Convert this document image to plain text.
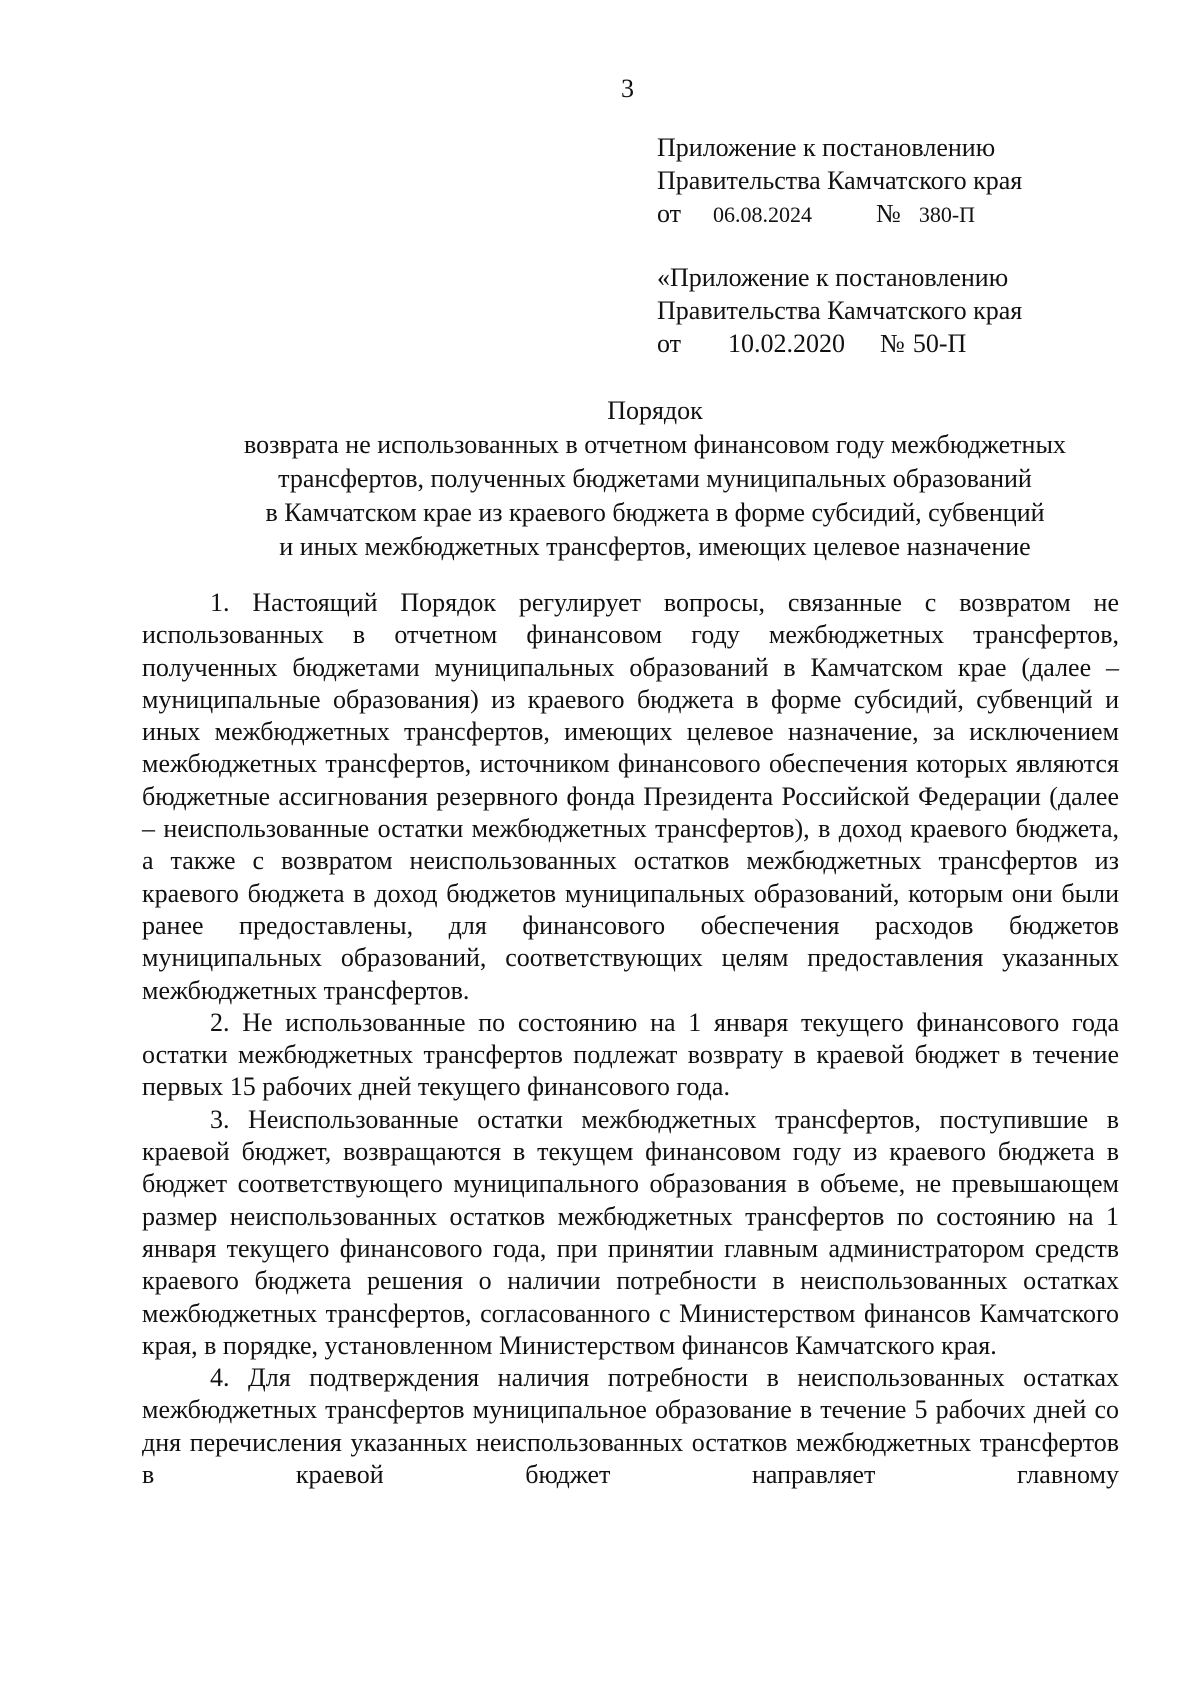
3
Приложение к постановлению
Правительства Камчатского края
от 06.08.2024 № 380-П
«Приложение к постановлению
Правительства Камчатского края
от 10.02.2020 № 50-П
Порядок
возврата не использованных в отчетном финансовом году межбюджетных
трансфертов, полученных бюджетами муниципальных образований
в Камчатском крае из краевого бюджета в форме субсидий, субвенций
и иных межбюджетных трансфертов, имеющих целевое назначение

1. Настоящий Порядок регулирует вопросы, связанные с возвратом не использованных в отчетном финансовом году межбюджетных трансфертов, полученных бюджетами муниципальных образований в Камчатском крае (далее – муниципальные образования) из краевого бюджета в форме субсидий, субвенций и иных межбюджетных трансфертов, имеющих целевое назначение, за исключением межбюджетных трансфертов, источником финансового обеспечения которых являются бюджетные ассигнования резервного фонда Президента Российской Федерации (далее – неиспользованные остатки межбюджетных трансфертов), в доход краевого бюджета, а также с возвратом неиспользованных остатков межбюджетных трансфертов из краевого бюджета в доход бюджетов муниципальных образований, которым они были ранее предоставлены, для финансового обеспечения расходов бюджетов муниципальных образований, соответствующих целям предоставления указанных межбюджетных трансфертов.

2. Не использованные по состоянию на 1 января текущего финансового года остатки межбюджетных трансфертов подлежат возврату в краевой бюджет в течение первых 15 рабочих дней текущего финансового года.

3. Неиспользованные остатки межбюджетных трансфертов, поступившие в краевой бюджет, возвращаются в текущем финансовом году из краевого бюджета в бюджет соответствующего муниципального образования в объеме, не превышающем размер неиспользованных остатков межбюджетных трансфертов по состоянию на 1 января текущего финансового года, при принятии главным администратором средств краевого бюджета решения о наличии потребности в неиспользованных остатках межбюджетных трансфертов, согласованного с Министерством финансов Камчатского края, в порядке, установленном Министерством финансов Камчатского края.

4. Для подтверждения наличия потребности в неиспользованных остатках межбюджетных трансфертов муниципальное образование в течение 5 рабочих дней со дня перечисления указанных неиспользованных остатков межбюджетных трансфертов в краевой бюджет направляет главному
